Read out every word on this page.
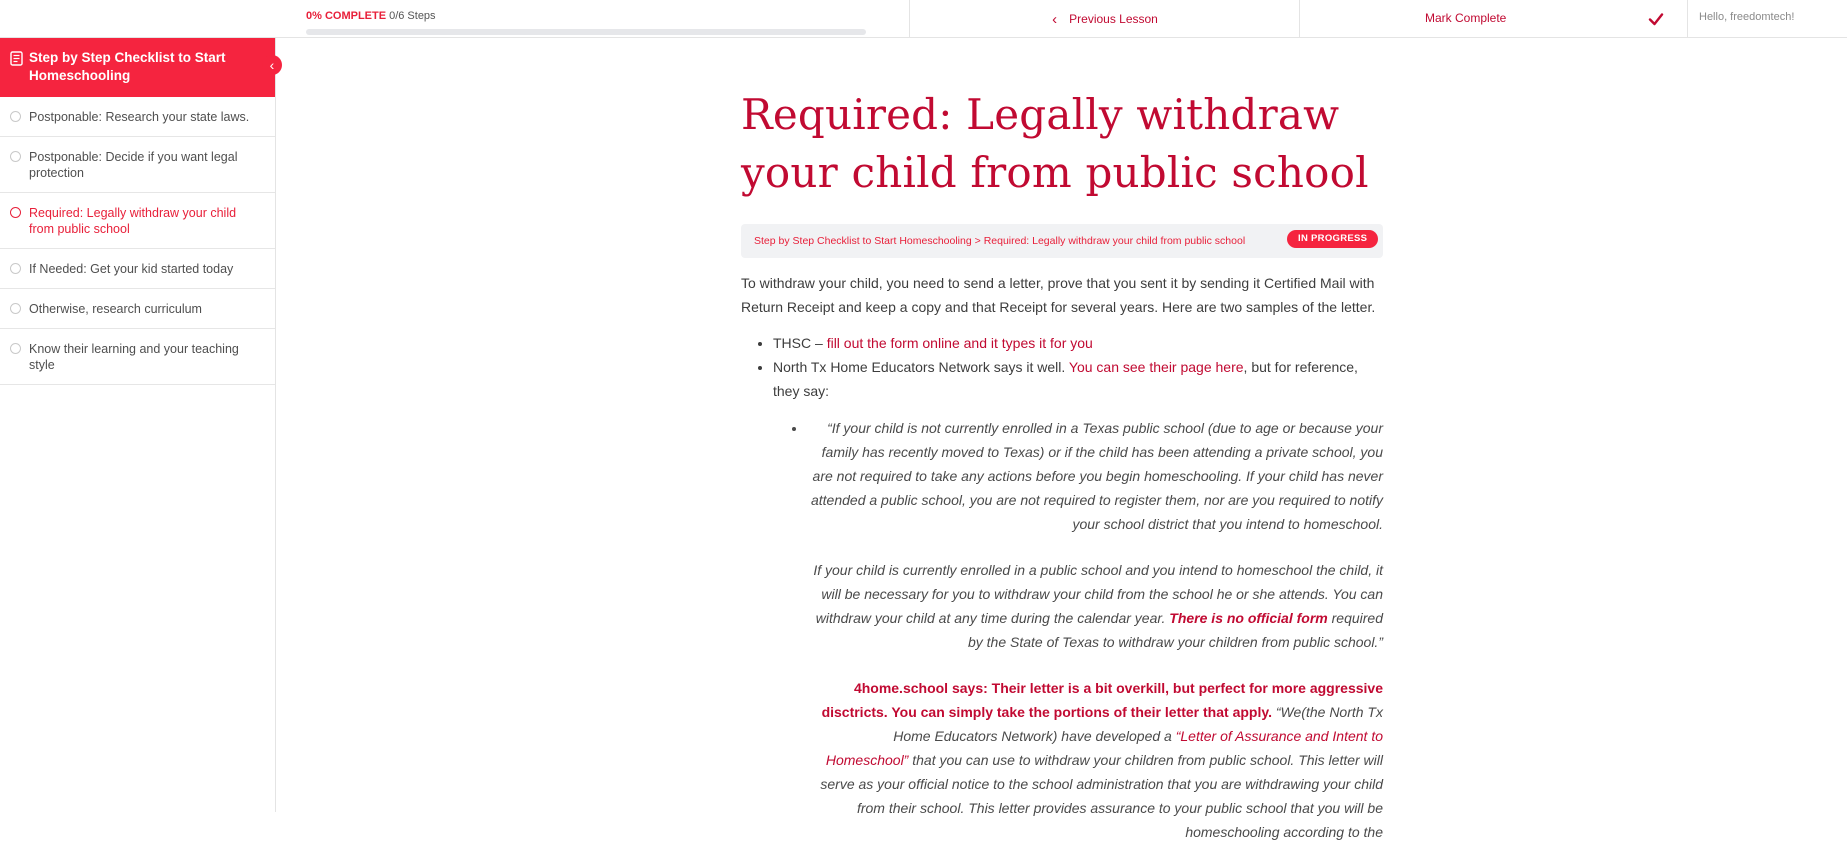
0% COMPLETE 0/6 Steps	‹ Previous Lesson	Mark Complete	Hello, freedomtech!
Step by Step Checklist to Start Homeschooling
‹
Postponable: Research your state laws.
Postponable: Decide if you want legal protection
Required: Legally withdraw your child from public school
If Needed: Get your kid started today
Otherwise, research curriculum
Know their learning and your teaching style
Required: Legally withdraw your child from public school
Step by Step Checklist to Start Homeschooling > Required: Legally withdraw your child from public school	IN PROGRESS

To withdraw your child, you need to send a letter, prove that you sent it by sending it Certified Mail with Return Receipt and keep a copy and that Receipt for several years. Here are two samples of the letter.

• THSC – fill out the form online and it types it for you
• North Tx Home Educators Network says it well. You can see their page here, but for reference, they say:

• “If your child is not currently enrolled in a Texas public school (due to age or because your family has recently moved to Texas) or if the child has been attending a private school, you are not required to take any actions before you begin homeschooling. If your child has never attended a public school, you are not required to register them, nor are you required to notify your school district that you intend to homeschool.

If your child is currently enrolled in a public school and you intend to homeschool the child, it will be necessary for you to withdraw your child from the school he or she attends. You can withdraw your child at any time during the calendar year. There is no official form required by the State of Texas to withdraw your children from public school.”

4home.school says: Their letter is a bit overkill, but perfect for more aggressive disctricts. You can simply take the portions of their letter that apply. “We(the North Tx Home Educators Network) have developed a “Letter of Assurance and Intent to Homeschool” that you can use to withdraw your children from public school. This letter will serve as your official notice to the school administration that you are withdrawing your child from their school. This letter provides assurance to your public school that you will be homeschooling according to the
